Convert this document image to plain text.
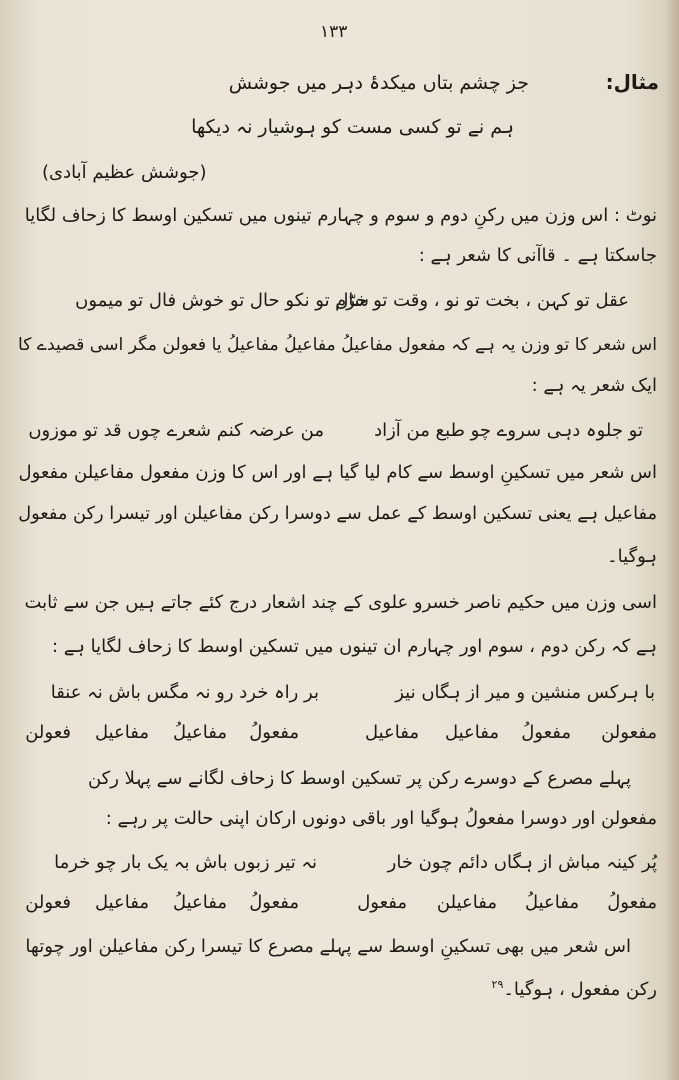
۱۳۳
مثال:
جز چشم بتاں میکدۂ دہر میں جوشش
ہم نے تو کسی مست کو ہوشیار نہ دیکھا
(جوشش عظیم آبادی)
نوٹ : اس وزن میں رکنِ دوم و سوم و چہارم تینوں میں تسکین اوسط کا زحاف لگایا
جاسکتا ہے ۔ قاآنی کا شعر ہے :
عقل تو کہن ، بخت تو نو ، وقت تو خرّم
سال تو نکو حال تو خوش فال تو میموں
اس شعر کا تو وزن یہ ہے کہ مفعول مفاعیلُ مفاعیلُ مفاعیلُ یا فعولن مگر اسی قصیدے کا
ایک شعر یہ ہے :
تو جلوہ دہی سروے چو طبع من آزاد
من عرضہ کنم شعرے چوں قد تو موزوں
اس شعر میں تسکینِ اوسط سے کام لیا گیا ہے اور اس کا وزن مفعول مفاعیلن مفعول
مفاعیل ہے یعنی تسکین اوسط کے عمل سے دوسرا رکن مفاعیلن اور تیسرا رکن مفعول
ہوگیا۔
اسی وزن میں حکیم ناصر خسرو علوی کے چند اشعار درج کئے جاتے ہیں جن سے ثابت
ہے کہ رکن دوم ، سوم اور چہارم ان تینوں میں تسکین اوسط کا زحاف لگایا ہے :
با ہرکس منشین و میر از ہگاں نیز
بر راہ خرد رو نہ مگس باش نہ عنقا
مفعولن
مفعولُ
مفاعیل
مفاعیل
مفعولُ
مفاعیلُ
مفاعیل
فعولن
پہلے مصرع کے دوسرے رکن پر تسکین اوسط کا زحاف لگانے سے پہلا رکن
مفعولن اور دوسرا مفعولُ ہوگیا اور باقی دونوں ارکان اپنی حالت پر رہے :
پُر کینہ مباش از ہگاں دائم چون خار
نہ تیر زبوں باش بہ یک بار چو خرما
مفعولُ
مفاعیلُ
مفاعیلن
مفعول
مفعولُ
مفاعیلُ
مفاعیل
فعولن
اس شعر میں بھی تسکینِ اوسط سے پہلے مصرع کا تیسرا رکن مفاعیلن اور چوتھا
رکن مفعول ، ہوگیا۔$^{۲۹}$
